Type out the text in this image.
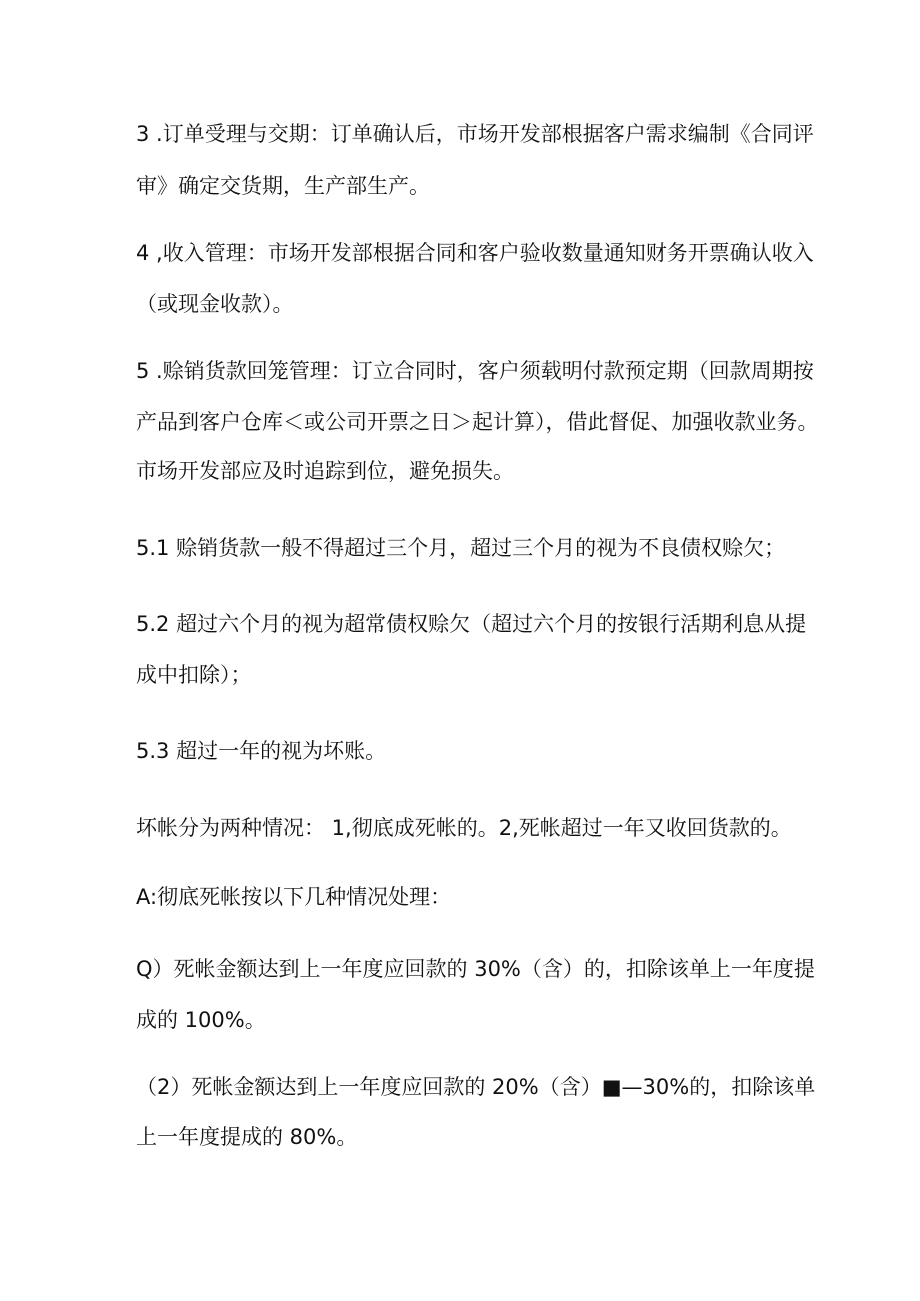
3 .订单受理与交期：订单确认后，市场开发部根据客户需求编制《合同评
审》确定交货期，生产部生产。
4 ,收入管理：市场开发部根据合同和客户验收数量通知财务开票确认收入
（或现金收款）。
5 .赊销货款回笼管理：订立合同时，客户须载明付款预定期（回款周期按
产品到客户仓库＜或公司开票之日＞起计算），借此督促、加强收款业务。
市场开发部应及时追踪到位，避免损失。
5.1 赊销货款一般不得超过三个月，超过三个月的视为不良债权赊欠；
5.2 超过六个月的视为超常债权赊欠（超过六个月的按银行活期利息从提
成中扣除）；
5.3 超过一年的视为坏账。
坏帐分为两种情况： 1,彻底成死帐的。2,死帐超过一年又收回货款的。
A:彻底死帐按以下几种情况处理：
Q）死帐金额达到上一年度应回款的 30%（含）的，扣除该单上一年度提
成的 100%。
（2）死帐金额达到上一年度应回款的 20%（含）■—30%的，扣除该单
上一年度提成的 80%。
